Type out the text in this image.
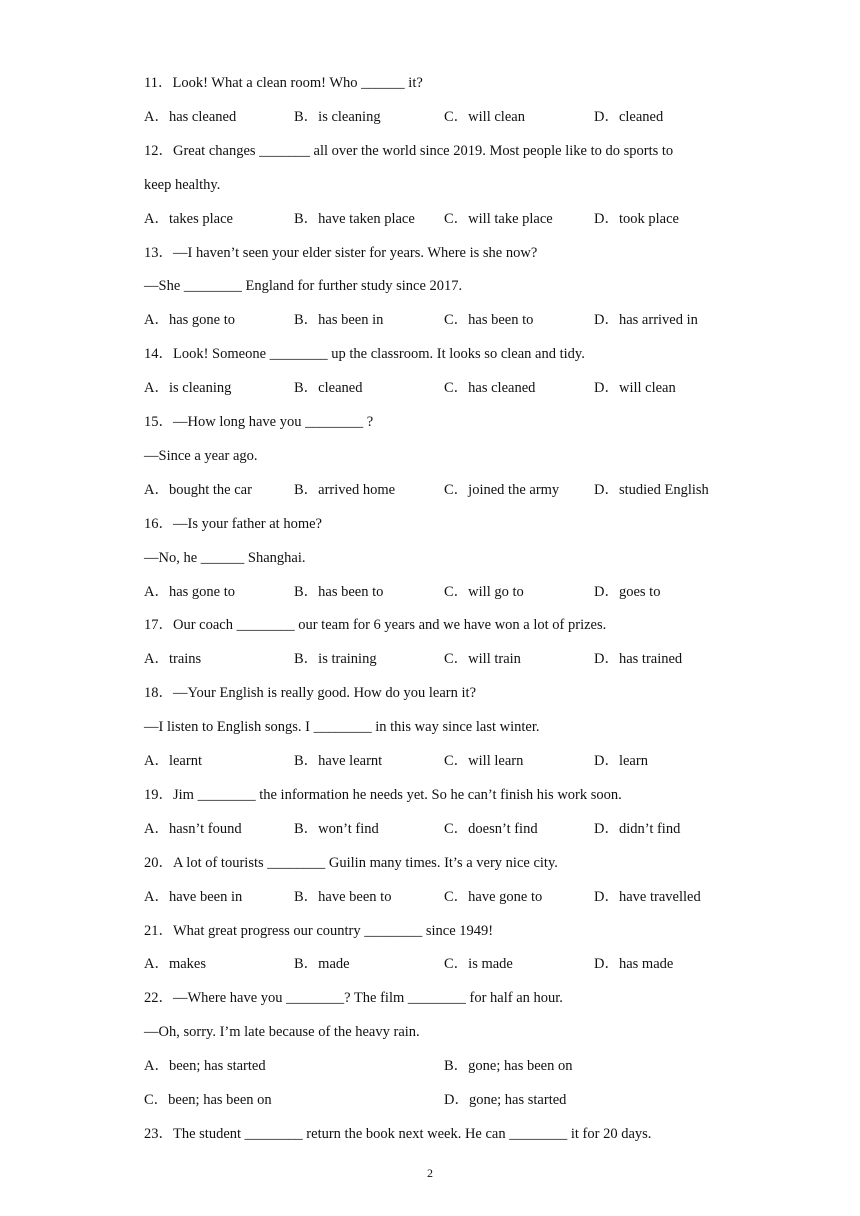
11．Look! What a clean room! Who ______ it?
A．has cleaned	B．is cleaning	C．will clean	D．cleaned
12．Great changes _______ all over the world since 2019. Most people like to do sports to
keep healthy.
A．takes place	B．have taken place C．will take place	D．took place
13．—I haven’t seen your elder sister for years. Where is she now?
—She ________ England for further study since 2017.
A．has gone to	B．has been in	C．has been to	D．has arrived in
14．Look! Someone ________ up the classroom. It looks so clean and tidy.
A．is cleaning	B．cleaned	C．has cleaned	D．will clean
15．—How long have you ________ ?
—Since a year ago.
A．bought the car	B．arrived home	C．joined the army D．studied English
16．—Is your father at home?
—No, he ______ Shanghai.
A．has gone to	B．has been to	C．will go to	D．goes to
17．Our coach ________ our team for 6 years and we have won a lot of prizes.
A．trains	B．is training	C．will train	D．has trained
18．—Your English is really good. How do you learn it?
—I listen to English songs. I ________ in this way since last winter.
A．learnt	B．have learnt	C．will learn	D．learn
19．Jim ________ the information he needs yet. So he can’t finish his work soon.
A．hasn’t found	B．won’t find	C．doesn’t find	D．didn’t find
20．A lot of tourists ________ Guilin many times. It’s a very nice city.
A．have been in	B．have been to	C．have gone to	D．have travelled
21．What great progress our country ________ since 1949!
A．makes	B．made	C．is made	D．has made
22．—Where have you ________? The film ________ for half an hour.
—Oh, sorry. I’m late because of the heavy rain.
A．been; has started	B．gone; has been on
C．been; has been on	D．gone; has started
23．The student ________ return the book next week. He can ________ it for 20 days.
2
